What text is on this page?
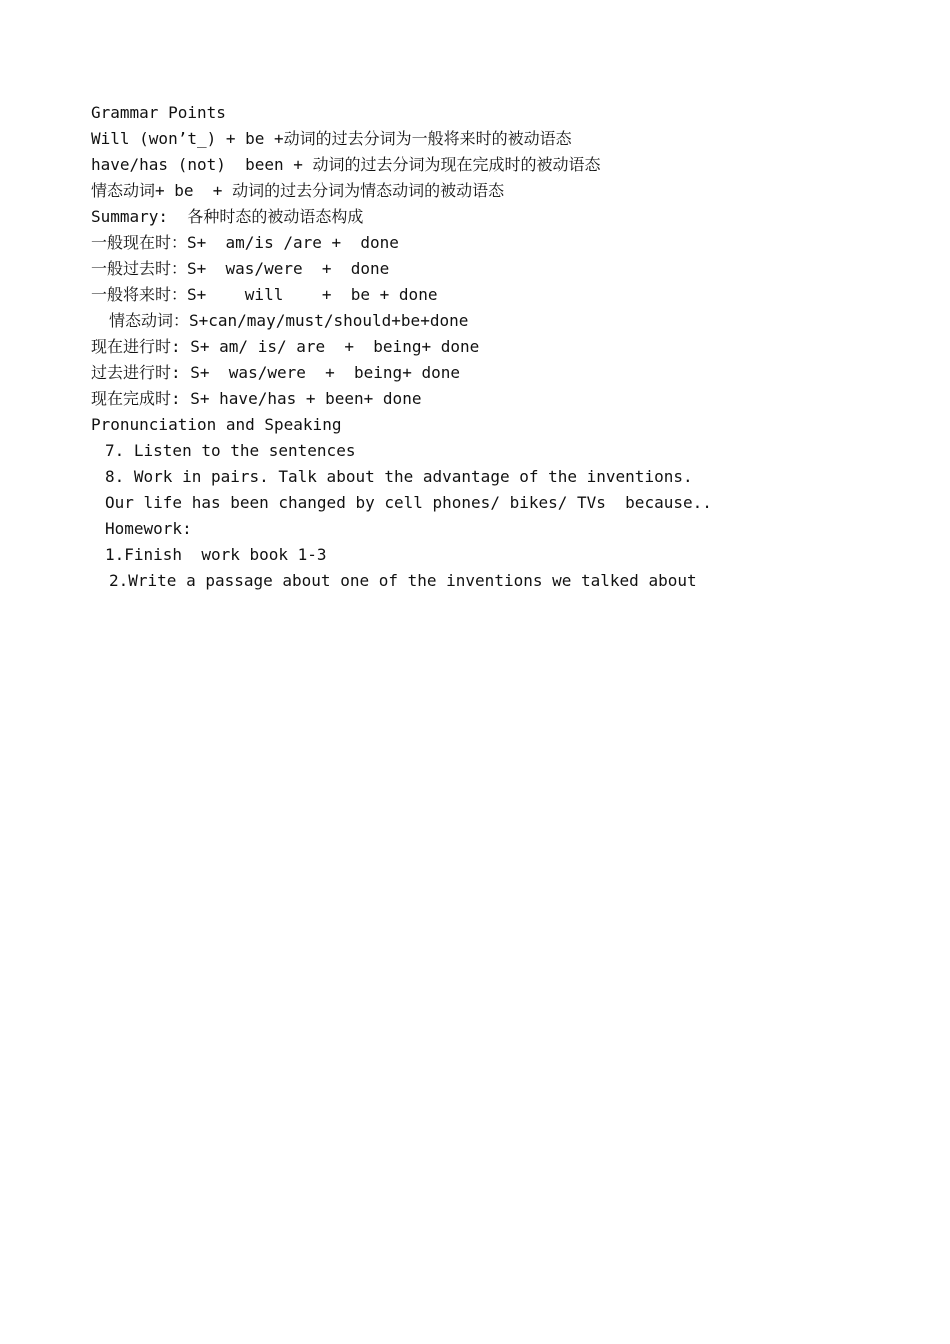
Grammar Points
Will (won’t_) + be +动词的过去分词为一般将来时的被动语态
have/has (not)  been + 动词的过去分词为现在完成时的被动语态
情态动词+ be  + 动词的过去分词为情态动词的被动语态
Summary:  各种时态的被动语态构成
一般现在时：S+  am/is /are +  done
一般过去时：S+  was/were  +  done
一般将来时：S+    will    +  be + done
情态动词：S+can/may/must/should+be+done
现在进行时: S+ am/ is/ are  +  being+ done
过去进行时: S+  was/were  +  being+ done
现在完成时: S+ have/has + been+ done
Pronunciation and Speaking
7. Listen to the sentences
8. Work in pairs. Talk about the advantage of the inventions.
Our life has been changed by cell phones/ bikes/ TVs  because..
Homework:
1.Finish  work book 1-3
2.Write a passage about one of the inventions we talked about
